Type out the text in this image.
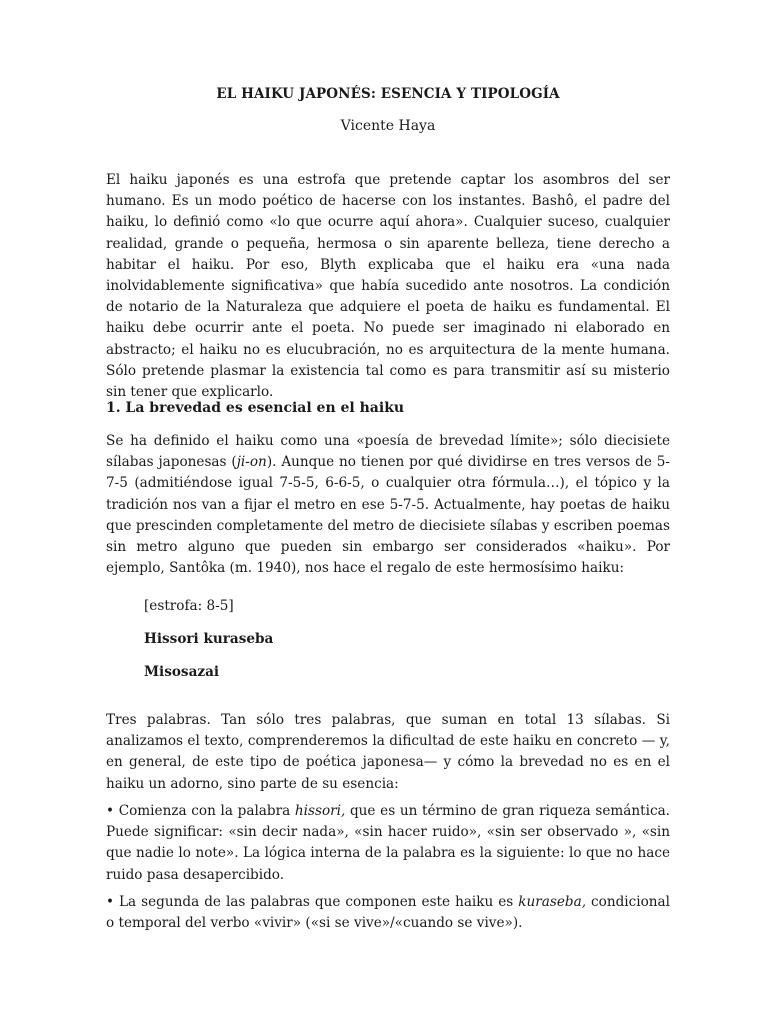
EL HAIKU JAPONÉS: ESENCIA Y TIPOLOGÍA
Vicente Haya

El haiku japonés es una estrofa que pretende captar los asombros del ser humano. Es un modo poético de hacerse con los instantes. Bashô, el padre del haiku, lo definió como «lo que ocurre aquí ahora». Cualquier suceso, cualquier realidad, grande o pequeña, hermosa o sin aparente belleza, tiene derecho a habitar el haiku. Por eso, Blyth explicaba que el haiku era «una nada inolvidablemente significativa» que había sucedido ante nosotros. La condición de notario de la Naturaleza que adquiere el poeta de haiku es fundamental. El haiku debe ocurrir ante el poeta. No puede ser imaginado ni elaborado en abstracto; el haiku no es elucubración, no es arquitectura de la mente humana. Sólo pretende plasmar la existencia tal como es para transmitir así su misterio sin tener que explicarlo.

1. La brevedad es esencial en el haiku

Se ha definido el haiku como una «poesía de brevedad límite»; sólo diecisiete sílabas japonesas (ji-on). Aunque no tienen por qué dividirse en tres versos de 5-7-5 (admitiéndose igual 7-5-5, 6-6-5, o cualquier otra fórmula…), el tópico y la tradición nos van a fijar el metro en ese 5-7-5. Actualmente, hay poetas de haiku que prescinden completamente del metro de diecisiete sílabas y escriben poemas sin metro alguno que pueden sin embargo ser considerados «haiku». Por ejemplo, Santôka (m. 1940), nos hace el regalo de este hermosísimo haiku:

[estrofa: 8-5]

Hissori kuraseba

Misosazai

Tres palabras. Tan sólo tres palabras, que suman en total 13 sílabas. Si analizamos el texto, comprenderemos la dificultad de este haiku en concreto — y, en general, de este tipo de poética japonesa— y cómo la brevedad no es en el haiku un adorno, sino parte de su esencia:

• Comienza con la palabra hissori, que es un término de gran riqueza semántica. Puede significar: «sin decir nada», «sin hacer ruido», «sin ser observado », «sin que nadie lo note». La lógica interna de la palabra es la siguiente: lo que no hace ruido pasa desapercibido.

• La segunda de las palabras que componen este haiku es kuraseba, condicional o temporal del verbo «vivir» («si se vive»/«cuando se vive»).
